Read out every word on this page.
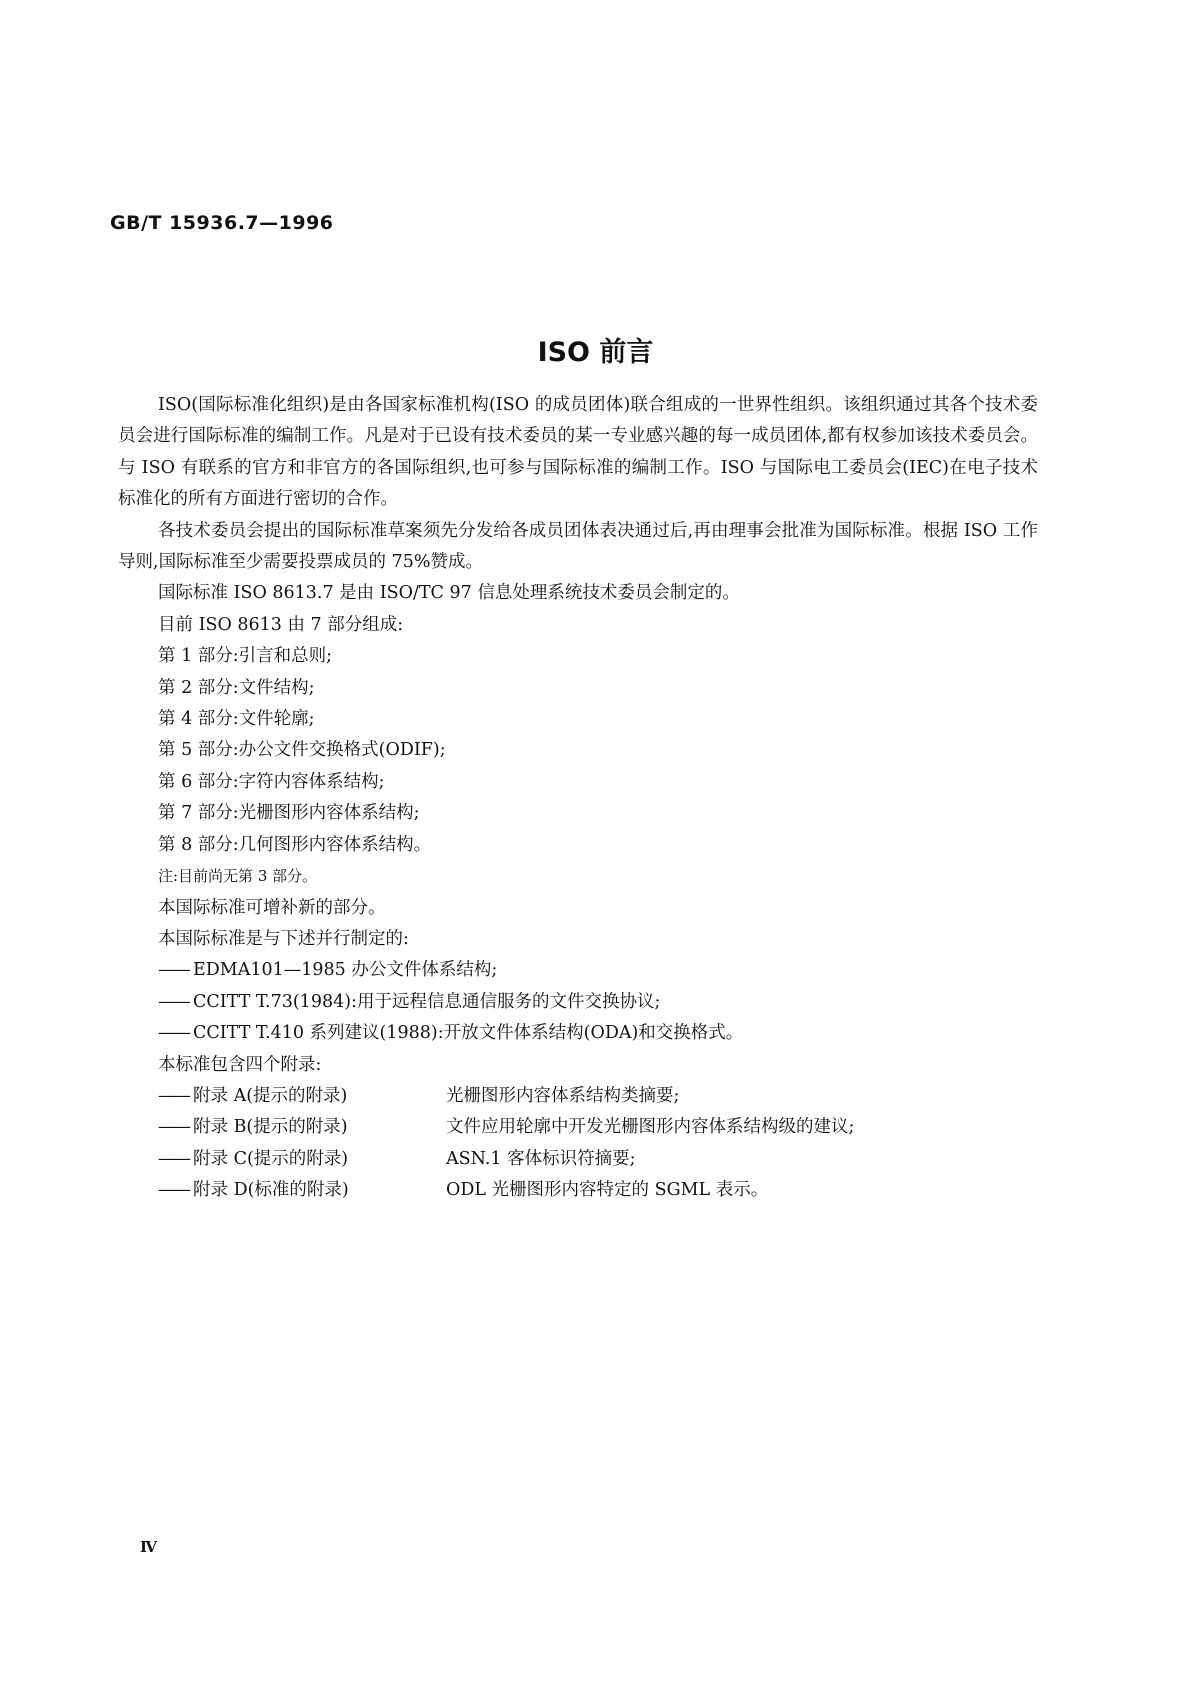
GB/T 15936.7—1996
ISO 前言

ISO(国际标准化组织)是由各国家标准机构(ISO 的成员团体)联合组成的一世界性组织。该组织通过其各个技术委员会进行国际标准的编制工作。凡是对于已设有技术委员的某一专业感兴趣的每一成员团体,都有权参加该技术委员会。与 ISO 有联系的官方和非官方的各国际组织,也可参与国际标准的编制工作。ISO 与国际电工委员会(IEC)在电子技术标准化的所有方面进行密切的合作。

各技术委员会提出的国际标准草案须先分发给各成员团体表决通过后,再由理事会批准为国际标准。根据 ISO 工作导则,国际标准至少需要投票成员的 75%赞成。

国际标准 ISO 8613.7 是由 ISO/TC 97 信息处理系统技术委员会制定的。
目前 ISO 8613 由 7 部分组成:
第 1 部分:引言和总则;
第 2 部分:文件结构;
第 4 部分:文件轮廓;
第 5 部分:办公文件交换格式(ODIF);
第 6 部分:字符内容体系结构;
第 7 部分:光栅图形内容体系结构;
第 8 部分:几何图形内容体系结构。
注:目前尚无第 3 部分。
本国际标准可增补新的部分。
本国际标准是与下述并行制定的:
—— EDMA101—1985 办公文件体系结构;
—— CCITT T.73(1984):用于远程信息通信服务的文件交换协议;
—— CCITT T.410 系列建议(1988):开放文件体系结构(ODA)和交换格式。
本标准包含四个附录:
—— 附录 A(提示的附录)	光栅图形内容体系结构类摘要;
—— 附录 B(提示的附录)	文件应用轮廓中开发光栅图形内容体系结构级的建议;
—— 附录 C(提示的附录)	ASN.1 客体标识符摘要;
—— 附录 D(标准的附录)	ODL 光栅图形内容特定的 SGML 表示。
Ⅳ
